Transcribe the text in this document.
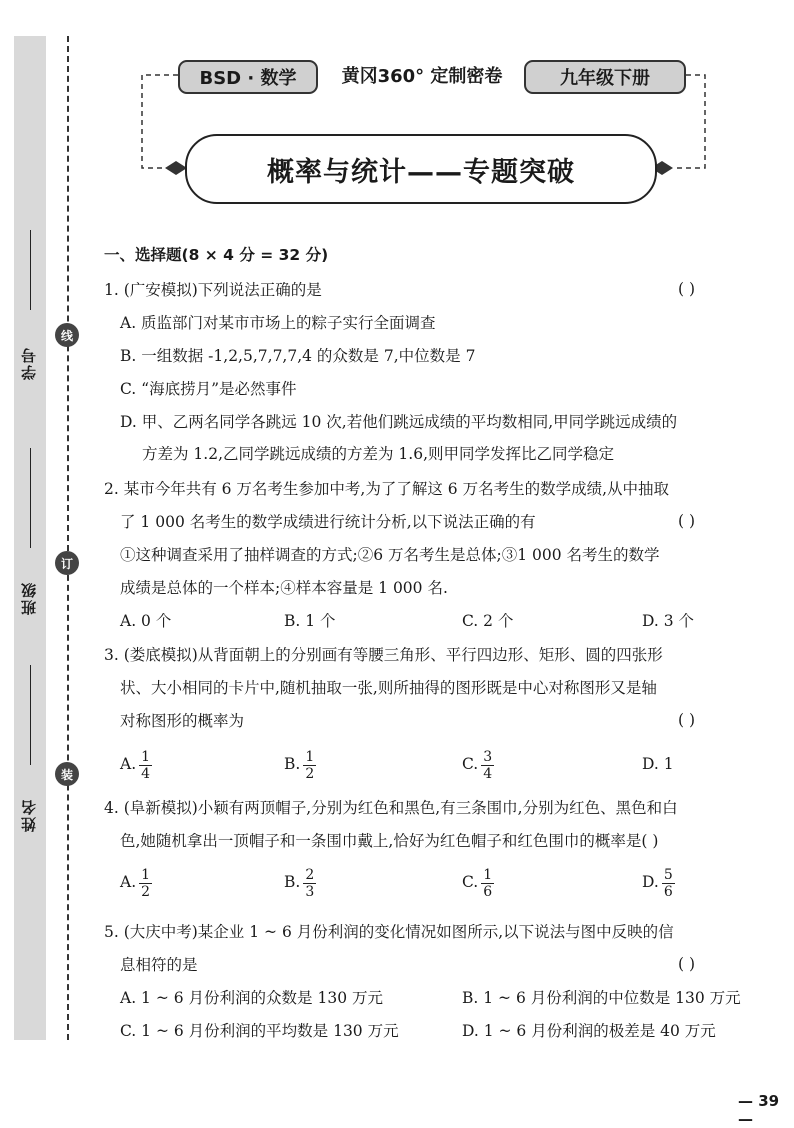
学号
班级
姓名
线
订
装
BSD · 数学	黄冈360° 定制密卷	九年级下册
概率与统计——专题突破
一、选择题(8 × 4 分 = 32 分)
1. (广安模拟)下列说法正确的是	( )
A. 质监部门对某市市场上的粽子实行全面调查
B. 一组数据 -1,2,5,7,7,7,4 的众数是 7,中位数是 7
C. “海底捞月”是必然事件
D. 甲、乙两名同学各跳远 10 次,若他们跳远成绩的平均数相同,甲同学跳远成绩的
方差为 1.2,乙同学跳远成绩的方差为 1.6,则甲同学发挥比乙同学稳定
2. 某市今年共有 6 万名考生参加中考,为了了解这 6 万名考生的数学成绩,从中抽取
了 1 000 名考生的数学成绩进行统计分析,以下说法正确的有	( )
①这种调查采用了抽样调查的方式;②6 万名考生是总体;③1 000 名考生的数学
成绩是总体的一个样本;④样本容量是 1 000 名.
A. 0 个	B. 1 个	C. 2 个	D. 3 个
3. (娄底模拟)从背面朝上的分别画有等腰三角形、平行四边形、矩形、圆的四张形
状、大小相同的卡片中,随机抽取一张,则所抽得的图形既是中心对称图形又是轴
对称图形的概率为	( )
A. $\frac{1}{4}$	B. $\frac{1}{2}$	C. $\frac{3}{4}$	D. 1
4. (阜新模拟)小颖有两顶帽子,分别为红色和黑色,有三条围巾,分别为红色、黑色和白
色,她随机拿出一顶帽子和一条围巾戴上,恰好为红色帽子和红色围巾的概率是( )
A. $\frac{1}{2}$	B. $\frac{2}{3}$	C. $\frac{1}{6}$	D. $\frac{5}{6}$
5. (大庆中考)某企业 1 ~ 6 月份利润的变化情况如图所示,以下说法与图中反映的信
息相符的是	( )
A. 1 ~ 6 月份利润的众数是 130 万元	B. 1 ~ 6 月份利润的中位数是 130 万元
C. 1 ~ 6 月份利润的平均数是 130 万元	D. 1 ~ 6 月份利润的极差是 40 万元
— 39 —
